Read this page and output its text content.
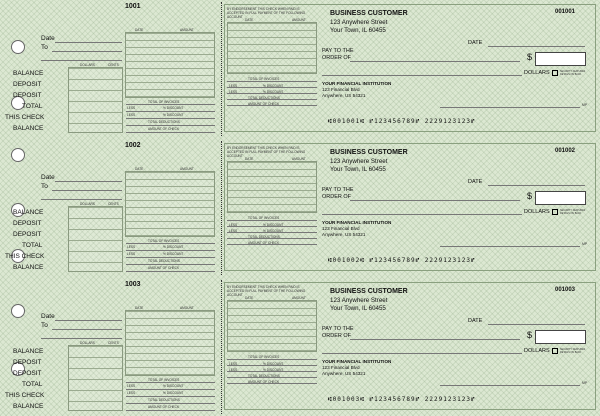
1001
Date
To
DOLLARS	CENTS
BALANCE
DEPOSIT
DEPOSIT
TOTAL
THIS CHECK
BALANCE
DATE	AMOUNT
TOTAL OF INVOICES
LESS	% DISCOUNT
LESS	% DISCOUNT
TOTAL DEDUCTIONS
AMOUNT OF CHECK
BY ENDORSEMENT THIS CHECK WHEN PAID IS ACCEPTED IN FULL PAYMENT OF THE FOLLOWING ACCOUNT
DATE	AMOUNT
TOTAL OF INVOICES
LESS	% DISCOUNT
LESS	% DISCOUNT
TOTAL DEDUCTIONS
AMOUNT OF CHECK
BUSINESS CUSTOMER
123 Anywhere Street
Your Town, IL 60455
001001
DATE
PAY TO THE
ORDER OF	$
DOLLARS	SECURITY FEATURES DETAILS ON BACK
YOUR FINANCIAL INSTITUTION
123 Financial Blvd
Anywhere, US 54321
MP
⑆001001⑆ ⑈123456789⑈ 2229123123⑈
1002
Date
To
DOLLARS	CENTS
BALANCE
DEPOSIT
DEPOSIT
TOTAL
THIS CHECK
BALANCE
DATE	AMOUNT
TOTAL OF INVOICES
LESS	% DISCOUNT
LESS	% DISCOUNT
TOTAL DEDUCTIONS
AMOUNT OF CHECK
BY ENDORSEMENT THIS CHECK WHEN PAID IS ACCEPTED IN FULL PAYMENT OF THE FOLLOWING ACCOUNT
DATE	AMOUNT
TOTAL OF INVOICES
LESS	% DISCOUNT
LESS	% DISCOUNT
TOTAL DEDUCTIONS
AMOUNT OF CHECK
BUSINESS CUSTOMER
123 Anywhere Street
Your Town, IL 60455
001002
DATE
PAY TO THE
ORDER OF	$
DOLLARS	SECURITY FEATURES DETAILS ON BACK
YOUR FINANCIAL INSTITUTION
123 Financial Blvd
Anywhere, US 54321
MP
⑆001002⑆ ⑈123456789⑈ 2229123123⑈
1003
Date
To
DOLLARS	CENTS
BALANCE
DEPOSIT
DEPOSIT
TOTAL
THIS CHECK
BALANCE
DATE	AMOUNT
TOTAL OF INVOICES
LESS	% DISCOUNT
LESS	% DISCOUNT
TOTAL DEDUCTIONS
AMOUNT OF CHECK
BY ENDORSEMENT THIS CHECK WHEN PAID IS ACCEPTED IN FULL PAYMENT OF THE FOLLOWING ACCOUNT
DATE	AMOUNT
TOTAL OF INVOICES
LESS	% DISCOUNT
LESS	% DISCOUNT
TOTAL DEDUCTIONS
AMOUNT OF CHECK
BUSINESS CUSTOMER
123 Anywhere Street
Your Town, IL 60455
001003
DATE
PAY TO THE
ORDER OF	$
DOLLARS	SECURITY FEATURES DETAILS ON BACK
YOUR FINANCIAL INSTITUTION
123 Financial Blvd
Anywhere, US 54321
MP
⑆001003⑆ ⑈123456789⑈ 2229123123⑈
